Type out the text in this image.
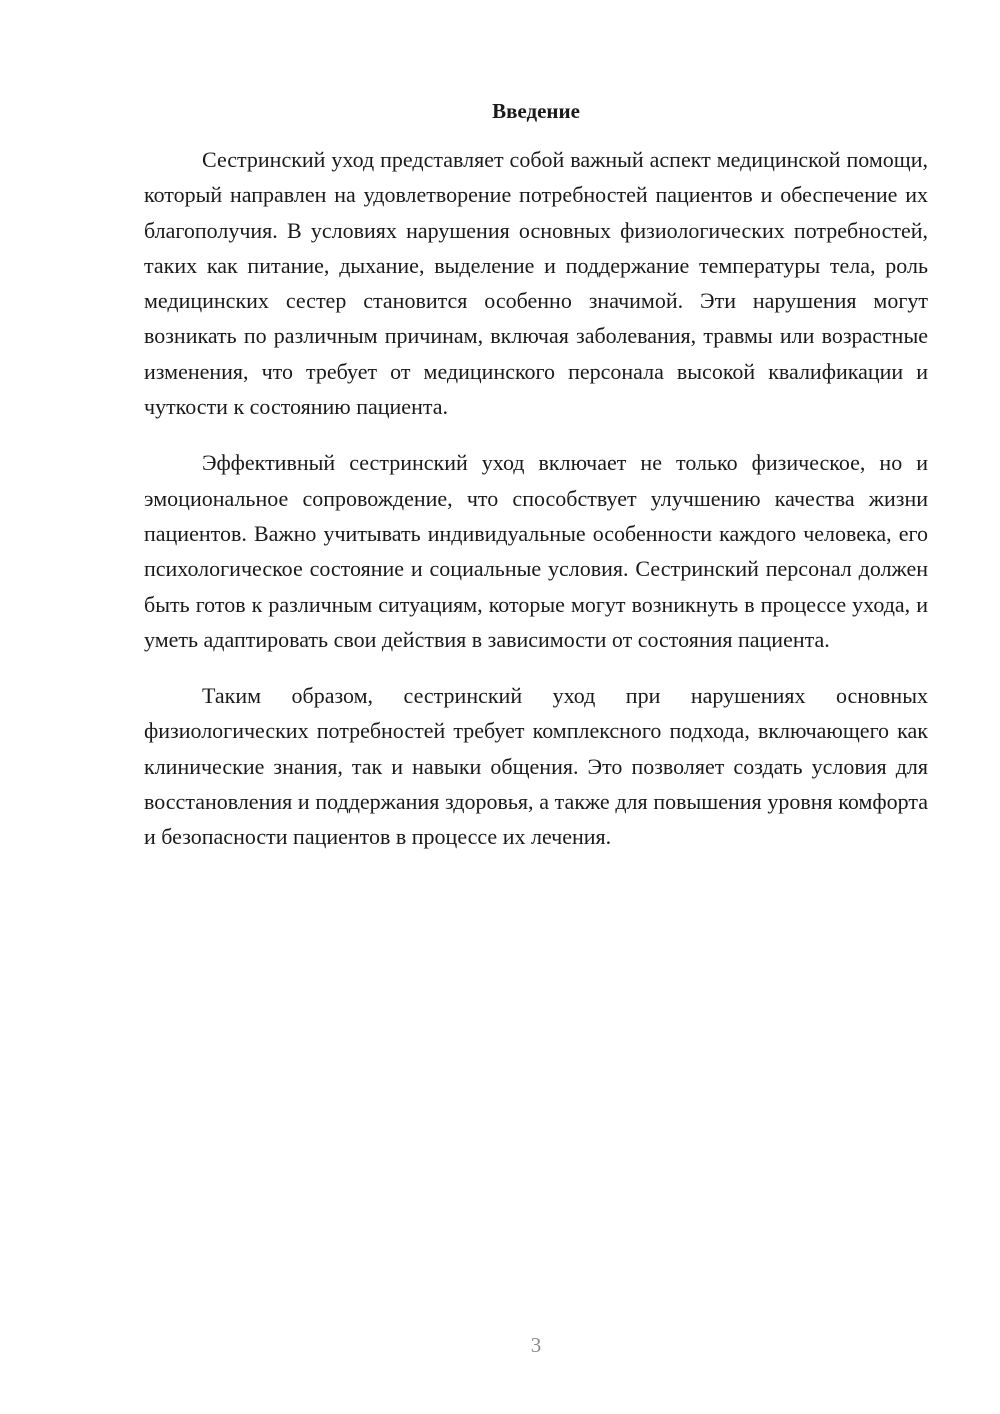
Введение

Сестринский уход представляет собой важный аспект медицинской помощи, который направлен на удовлетворение потребностей пациентов и обеспечение их благополучия. В условиях нарушения основных физиологических потребностей, таких как питание, дыхание, выделение и поддержание температуры тела, роль медицинских сестер становится особенно значимой. Эти нарушения могут возникать по различным причинам, включая заболевания, травмы или возрастные изменения, что требует от медицинского персонала высокой квалификации и чуткости к состоянию пациента.

Эффективный сестринский уход включает не только физическое, но и эмоциональное сопровождение, что способствует улучшению качества жизни пациентов. Важно учитывать индивидуальные особенности каждого человека, его психологическое состояние и социальные условия. Сестринский персонал должен быть готов к различным ситуациям, которые могут возникнуть в процессе ухода, и уметь адаптировать свои действия в зависимости от состояния пациента.

Таким образом, сестринский уход при нарушениях основных физиологических потребностей требует комплексного подхода, включающего как клинические знания, так и навыки общения. Это позволяет создать условия для восстановления и поддержания здоровья, а также для повышения уровня комфорта и безопасности пациентов в процессе их лечения.

3
